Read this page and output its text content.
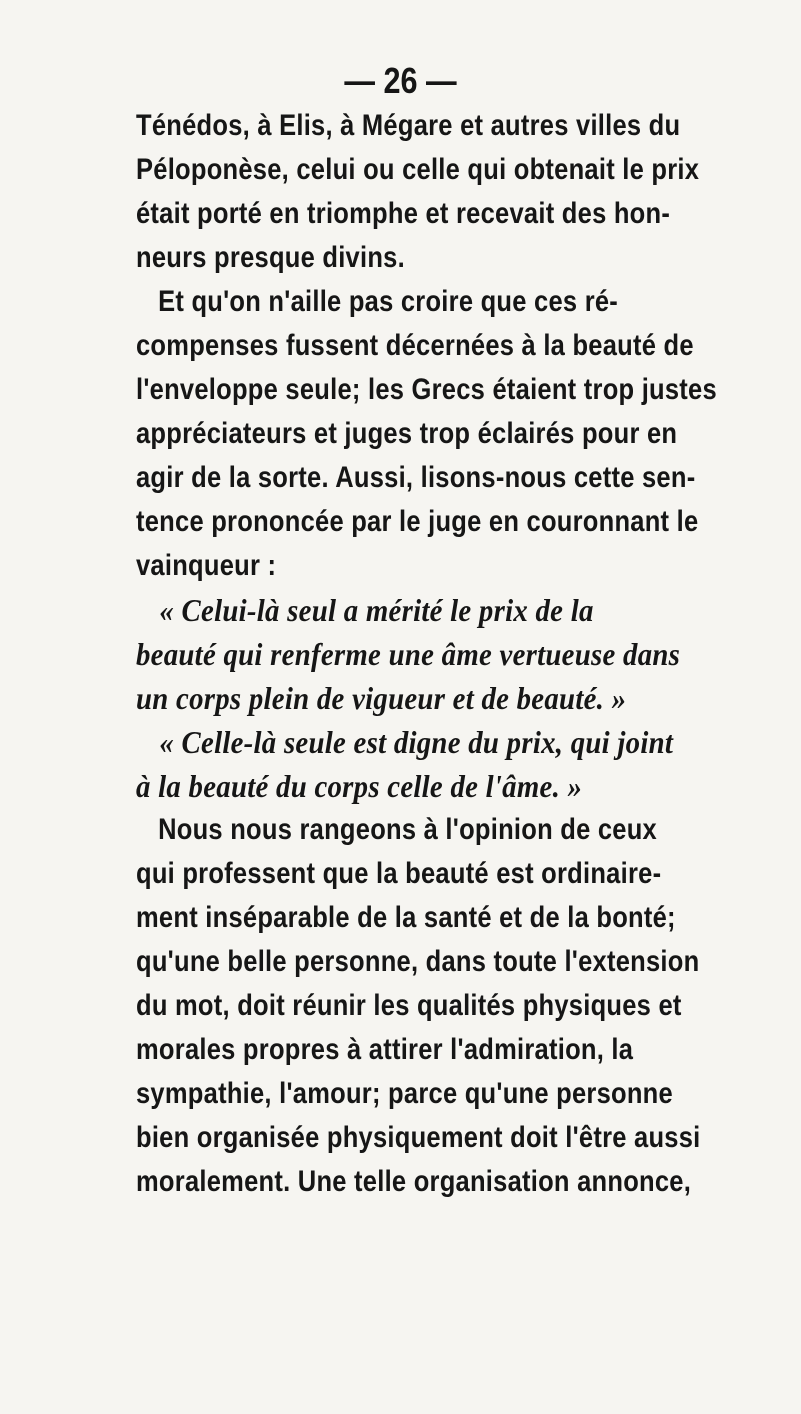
— 26 —
Ténédos, à Elis, à Mégare et autres villes du
Péloponèse, celui ou celle qui obtenait le prix
était porté en triomphe et recevait des hon-
neurs presque divins.
Et qu'on n'aille pas croire que ces ré-
compenses fussent décernées à la beauté de
l'enveloppe seule; les Grecs étaient trop justes
appréciateurs et juges trop éclairés pour en
agir de la sorte. Aussi, lisons-nous cette sen-
tence prononcée par le juge en couronnant le
vainqueur :
« Celui-là seul a mérité le prix de la
beauté qui renferme une âme vertueuse dans
un corps plein de vigueur et de beauté. »
« Celle-là seule est digne du prix, qui joint
à la beauté du corps celle de l'âme. »
Nous nous rangeons à l'opinion de ceux
qui professent que la beauté est ordinaire-
ment inséparable de la santé et de la bonté;
qu'une belle personne, dans toute l'extension
du mot, doit réunir les qualités physiques et
morales propres à attirer l'admiration, la
sympathie, l'amour; parce qu'une personne
bien organisée physiquement doit l'être aussi
moralement. Une telle organisation annonce,
